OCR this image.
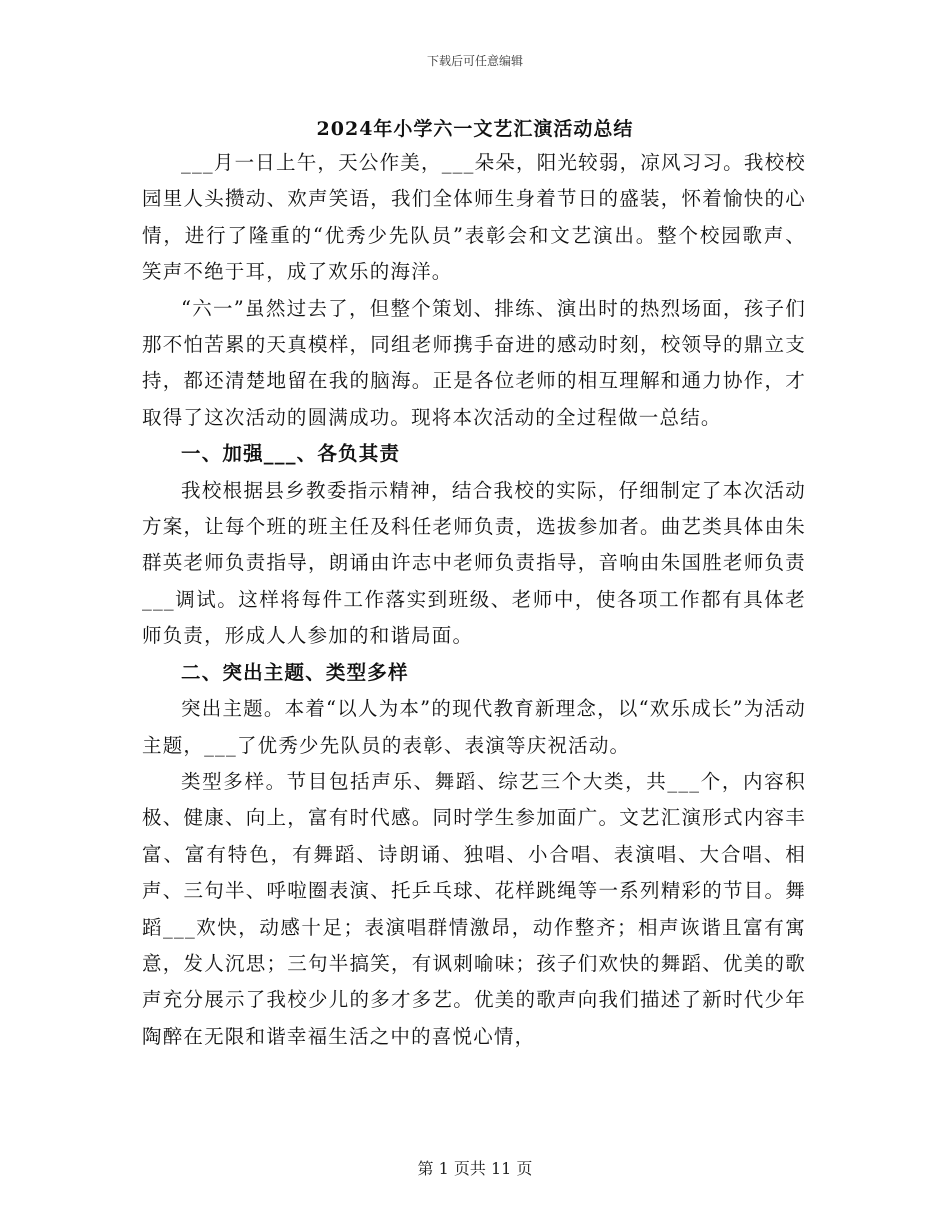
下载后可任意编辑
2024年小学六一文艺汇演活动总结

___月一日上午，天公作美，___朵朵，阳光较弱，凉风习习。我校校园里人头攒动、欢声笑语，我们全体师生身着节日的盛装，怀着愉快的心情，进行了隆重的“优秀少先队员”表彰会和文艺演出。整个校园歌声、笑声不绝于耳，成了欢乐的海洋。

“六一”虽然过去了，但整个策划、排练、演出时的热烈场面，孩子们那不怕苦累的天真模样，同组老师携手奋进的感动时刻，校领导的鼎立支持，都还清楚地留在我的脑海。正是各位老师的相互理解和通力协作，才取得了这次活动的圆满成功。现将本次活动的全过程做一总结。

一、加强___、各负其责

我校根据县乡教委指示精神，结合我校的实际，仔细制定了本次活动方案，让每个班的班主任及科任老师负责，选拔参加者。曲艺类具体由朱群英老师负责指导，朗诵由许志中老师负责指导，音响由朱国胜老师负责___调试。这样将每件工作落实到班级、老师中，使各项工作都有具体老师负责，形成人人参加的和谐局面。

二、突出主题、类型多样

突出主题。本着“以人为本”的现代教育新理念，以“欢乐成长”为活动主题，___了优秀少先队员的表彰、表演等庆祝活动。

类型多样。节目包括声乐、舞蹈、综艺三个大类，共___个，内容积极、健康、向上，富有时代感。同时学生参加面广。文艺汇演形式内容丰富、富有特色，有舞蹈、诗朗诵、独唱、小合唱、表演唱、大合唱、相声、三句半、呼啦圈表演、托乒乓球、花样跳绳等一系列精彩的节目。舞蹈___欢快，动感十足；表演唱群情激昂，动作整齐；相声诙谐且富有寓意，发人沉思；三句半搞笑，有讽刺喻味；孩子们欢快的舞蹈、优美的歌声充分展示了我校少儿的多才多艺。优美的歌声向我们描述了新时代少年陶醉在无限和谐幸福生活之中的喜悦心情，

第 1 页共 11 页
